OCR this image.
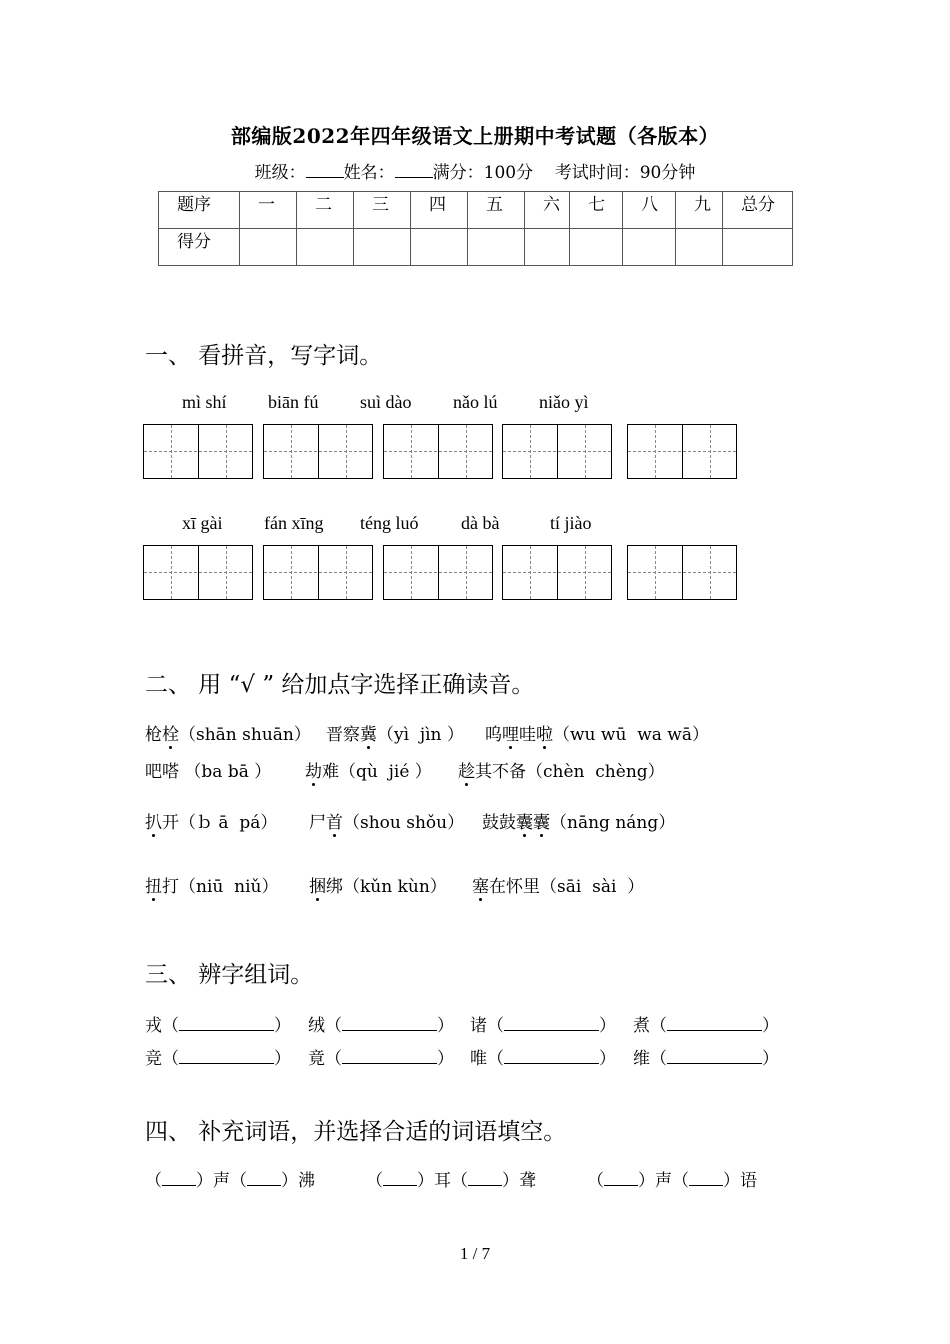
部编版2022年四年级语文上册期中考试题（各版本）
班级： 姓名： 满分：100分 考试时间：90分钟
题序	一	二	三	四	五	六	七	八	九	总分
得分										
一、 看拼音，写字词。
mì shí biān fú suì dào nǎo lú niǎo yì
xī gài fán xīng téng luó dà bà	tí jiào
二、 用 “√ ” 给加点字选择正确读音。
枪栓（shān shuān） 晋察冀（yì  jìn ） 呜哩哇啦（wu wū  wa wā）
吧嗒 （ba bā ） 劫难（qù  jié ） 趁其不备（chèn  chèng）
扒开（ｂ ā  pá） 尸首（shou shǒu） 鼓鼓囊囊（nāng náng）
扭打（niū  niǔ） 捆绑（kǔn kùn） 塞在怀里（sāi  sài  ）
三、 辨字组词。
戎（	） 绒（	） 诸（	） 煮（	）
竞（	） 竟（	） 唯（	） 维（	）
四、 补充词语，并选择合适的词语填空。
（ ）声（ ）沸	（ ）耳（ ）聋	（ ）声（ ）语
1 / 7
